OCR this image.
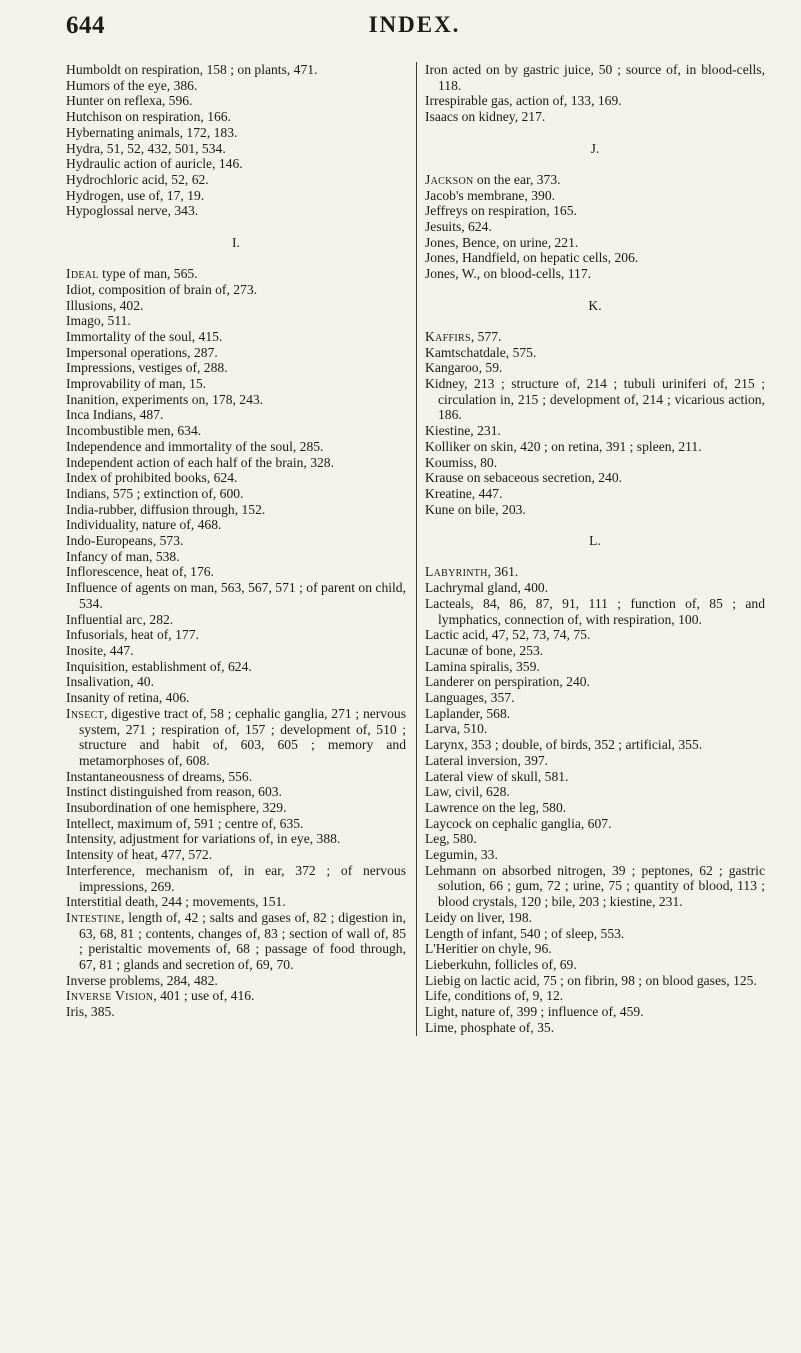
644	INDEX.
Humboldt on respiration, 158 ; on plants, 471.
Humors of the eye, 386.
Hunter on reflexa, 596.
Hutchison on respiration, 166.
Hybernating animals, 172, 183.
Hydra, 51, 52, 432, 501, 534.
Hydraulic action of auricle, 146.
Hydrochloric acid, 52, 62.
Hydrogen, use of, 17, 19.
Hypoglossal nerve, 343.
I.
Ideal type of man, 565.
Idiot, composition of brain of, 273.
Illusions, 402.
Imago, 511.
Immortality of the soul, 415.
Impersonal operations, 287.
Impressions, vestiges of, 288.
Improvability of man, 15.
Inanition, experiments on, 178, 243.
Inca Indians, 487.
Incombustible men, 634.
Independence and immortality of the soul, 285.
Independent action of each half of the brain, 328.
Index of prohibited books, 624.
Indians, 575 ; extinction of, 600.
India-rubber, diffusion through, 152.
Individuality, nature of, 468.
Indo-Europeans, 573.
Infancy of man, 538.
Inflorescence, heat of, 176.
Influence of agents on man, 563, 567, 571 ; of parent on child, 534.
Influential arc, 282.
Infusorials, heat of, 177.
Inosite, 447.
Inquisition, establishment of, 624.
Insalivation, 40.
Insanity of retina, 406.
Insect, digestive tract of, 58 ; cephalic ganglia, 271 ; nervous system, 271 ; respiration of, 157 ; development of, 510 ; structure and habit of, 603, 605 ; memory and metamorphoses of, 608.
Instantaneousness of dreams, 556.
Instinct distinguished from reason, 603.
Insubordination of one hemisphere, 329.
Intellect, maximum of, 591 ; centre of, 635.
Intensity, adjustment for variations of, in eye, 388.
Intensity of heat, 477, 572.
Interference, mechanism of, in ear, 372 ; of nervous impressions, 269.
Interstitial death, 244 ; movements, 151.
Intestine, length of, 42 ; salts and gases of, 82 ; digestion in, 63, 68, 81 ; contents, changes of, 83 ; section of wall of, 85 ; peristaltic movements of, 68 ; passage of food through, 67, 81 ; glands and secretion of, 69, 70.
Inverse problems, 284, 482.
Inverse Vision, 401 ; use of, 416.
Iris, 385.
Iron acted on by gastric juice, 50 ; source of, in blood-cells, 118.
Irrespirable gas, action of, 133, 169.
Isaacs on kidney, 217.
J.
Jackson on the ear, 373.
Jacob's membrane, 390.
Jeffreys on respiration, 165.
Jesuits, 624.
Jones, Bence, on urine, 221.
Jones, Handfield, on hepatic cells, 206.
Jones, W., on blood-cells, 117.
K.
Kaffirs, 577.
Kamtschatdale, 575.
Kangaroo, 59.
Kidney, 213 ; structure of, 214 ; tubuli uriniferi of, 215 ; circulation in, 215 ; development of, 214 ; vicarious action, 186.
Kiestine, 231.
Kolliker on skin, 420 ; on retina, 391 ; spleen, 211.
Koumiss, 80.
Krause on sebaceous secretion, 240.
Kreatine, 447.
Kune on bile, 203.
L.
Labyrinth, 361.
Lachrymal gland, 400.
Lacteals, 84, 86, 87, 91, 111 ; function of, 85 ; and lymphatics, connection of, with respiration, 100.
Lactic acid, 47, 52, 73, 74, 75.
Lacunæ of bone, 253.
Lamina spiralis, 359.
Landerer on perspiration, 240.
Languages, 357.
Laplander, 568.
Larva, 510.
Larynx, 353 ; double, of birds, 352 ; artificial, 355.
Lateral inversion, 397.
Lateral view of skull, 581.
Law, civil, 628.
Lawrence on the leg, 580.
Laycock on cephalic ganglia, 607.
Leg, 580.
Legumin, 33.
Lehmann on absorbed nitrogen, 39 ; peptones, 62 ; gastric solution, 66 ; gum, 72 ; urine, 75 ; quantity of blood, 113 ; blood crystals, 120 ; bile, 203 ; kiestine, 231.
Leidy on liver, 198.
Length of infant, 540 ; of sleep, 553.
L'Heritier on chyle, 96.
Lieberkuhn, follicles of, 69.
Liebig on lactic acid, 75 ; on fibrin, 98 ; on blood gases, 125.
Life, conditions of, 9, 12.
Light, nature of, 399 ; influence of, 459.
Lime, phosphate of, 35.
